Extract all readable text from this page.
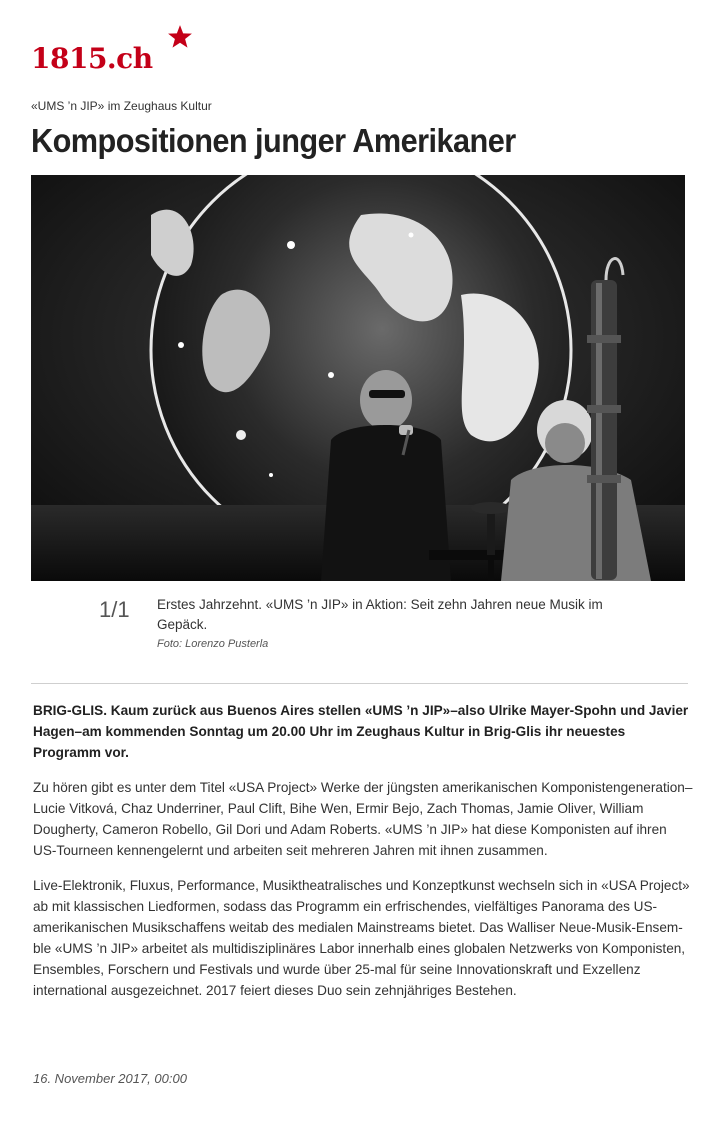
1815.ch
«UMS ’n JIP» im Zeughaus Kultur
Kompositionen junger Amerikaner
1/1 Erstes Jahrzehnt. «UMS ’n JIP» in Aktion: Seit zehn Jahren neue Musik im Gepäck.
Foto: Lorenzo Pusterla

BRIG-GLIS. Kaum zurück aus Buenos Aires stellen «UMS ’n JIP»–also Ulrike Mayer-Spohn und Javier Hagen–am kommenden Sonntag um 20.00 Uhr im Zeughaus Kultur in Brig-Glis ihr neuestes Programm vor.

Zu hören gibt es unter dem Titel «USA Project» Werke der jüngsten amerikanischen Komponistengeneration–Lucie Vitková, Chaz Underriner, Paul Clift, Bihe Wen, Ermir Bejo, Zach Thomas, Jamie Oliver, William Dougherty, Cameron Robello, Gil Dori und Adam Roberts. «UMS ’n JIP» hat diese Komponisten auf ihren US-Tourneen kennengelernt und arbeiten seit mehreren Jahren mit ihnen zusammen.

Live-Elektronik, Fluxus, Performance, Musiktheatralisches und Konzeptkunst wechseln sich in «USA Project» ab mit klassischen Liedformen, sodass das Programm ein erfrischendes, vielfältiges Panorama des US-amerikanischen Musikschaffens weitab des medialen Mainstreams bietet. Das Walliser Neue-Musik-Ensem-ble «UMS ’n JIP» arbeitet als multidisziplinäres Labor innerhalb eines globalen Netzwerks von Komponisten, Ensembles, Forschern und Festivals und wurde über 25-mal für seine Innovationskraft und Exzellenz international ausgezeichnet. 2017 feiert dieses Duo sein zehnjähriges Bestehen.

16. November 2017, 00:00
